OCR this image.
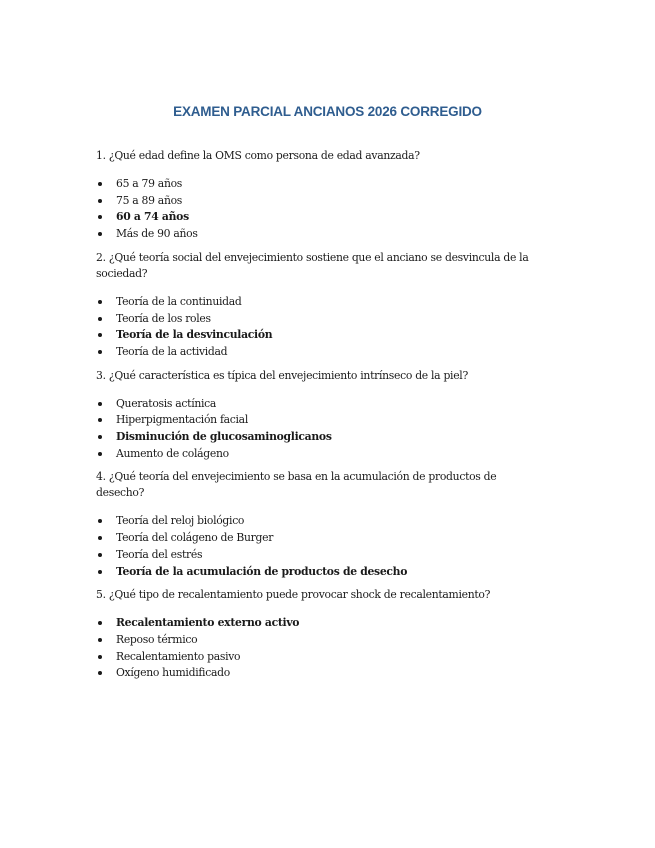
EXAMEN PARCIAL ANCIANOS 2026 CORREGIDO

1. ¿Qué edad define la OMS como persona de edad avanzada?

65 a 79 años
75 a 89 años
60 a 74 años
Más de 90 años

2. ¿Qué teoría social del envejecimiento sostiene que el anciano se desvincula de la sociedad?

Teoría de la continuidad
Teoría de los roles
Teoría de la desvinculación
Teoría de la actividad

3. ¿Qué característica es típica del envejecimiento intrínseco de la piel?

Queratosis actínica
Hiperpigmentación facial
Disminución de glucosaminoglicanos
Aumento de colágeno

4. ¿Qué teoría del envejecimiento se basa en la acumulación de productos de desecho?

Teoría del reloj biológico
Teoría del colágeno de Burger
Teoría del estrés
Teoría de la acumulación de productos de desecho

5. ¿Qué tipo de recalentamiento puede provocar shock de recalentamiento?

Recalentamiento externo activo
Reposo térmico
Recalentamiento pasivo
Oxígeno humidificado
